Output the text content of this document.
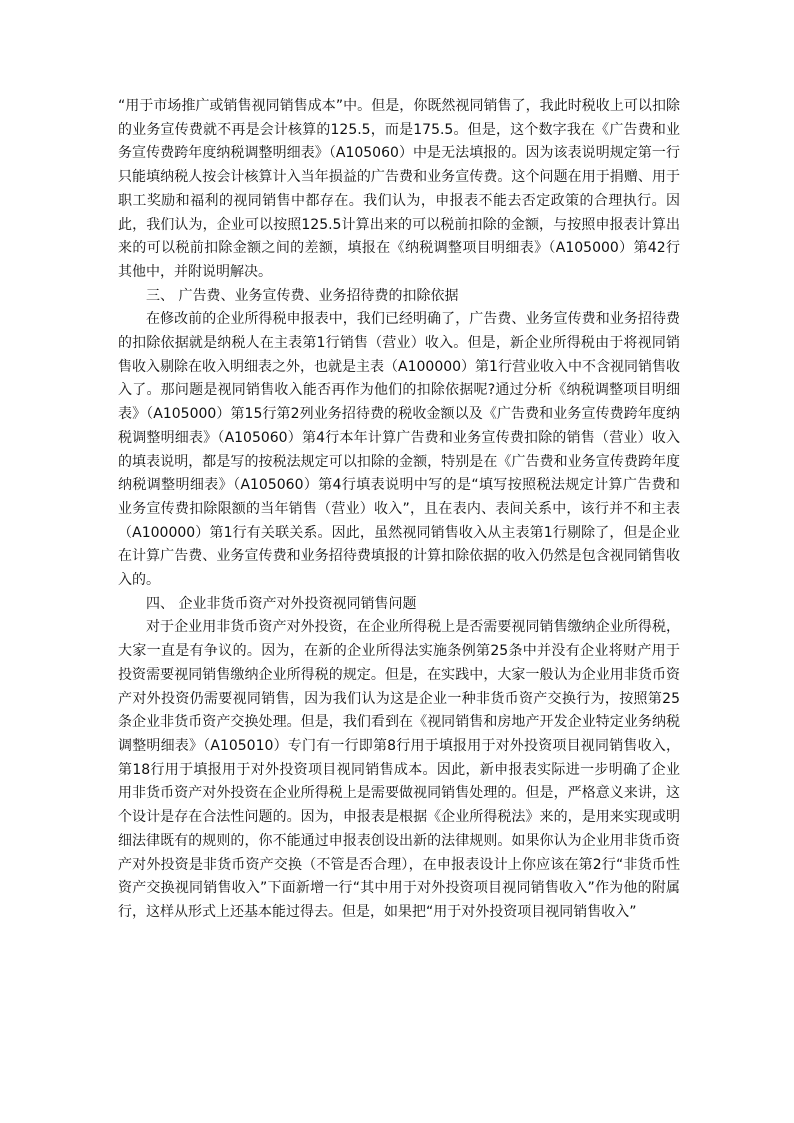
“用于市场推广或销售视同销售成本”中。但是，你既然视同销售了，我此时税收上可以扣除的业务宣传费就不再是会计核算的125.5，而是175.5。但是，这个数字我在《广告费和业务宣传费跨年度纳税调整明细表》（A105060）中是无法填报的。因为该表说明规定第一行只能填纳税人按会计核算计入当年损益的广告费和业务宣传费。这个问题在用于捐赠、用于职工奖励和福利的视同销售中都存在。我们认为，申报表不能去否定政策的合理执行。因此，我们认为，企业可以按照125.5计算出来的可以税前扣除的金额，与按照申报表计算出来的可以税前扣除金额之间的差额，填报在《纳税调整项目明细表》（A105000）第42行其他中，并附说明解决。

三、 广告费、业务宣传费、业务招待费的扣除依据

在修改前的企业所得税申报表中，我们已经明确了，广告费、业务宣传费和业务招待费的扣除依据就是纳税人在主表第1行销售（营业）收入。但是，新企业所得税由于将视同销售收入剔除在收入明细表之外，也就是主表（A100000）第1行营业收入中不含视同销售收入了。那问题是视同销售收入能否再作为他们的扣除依据呢?通过分析《纳税调整项目明细表》（A105000）第15行第2列业务招待费的税收金额以及《广告费和业务宣传费跨年度纳税调整明细表》（A105060）第4行本年计算广告费和业务宣传费扣除的销售（营业）收入的填表说明，都是写的按税法规定可以扣除的金额，特别是在《广告费和业务宣传费跨年度纳税调整明细表》（A105060）第4行填表说明中写的是“填写按照税法规定计算广告费和业务宣传费扣除限额的当年销售（营业）收入”，且在表内、表间关系中，该行并不和主表（A100000）第1行有关联关系。因此，虽然视同销售收入从主表第1行剔除了，但是企业在计算广告费、业务宣传费和业务招待费填报的计算扣除依据的收入仍然是包含视同销售收入的。

四、 企业非货币资产对外投资视同销售问题

对于企业用非货币资产对外投资，在企业所得税上是否需要视同销售缴纳企业所得税，大家一直是有争议的。因为，在新的企业所得法实施条例第25条中并没有企业将财产用于投资需要视同销售缴纳企业所得税的规定。但是，在实践中，大家一般认为企业用非货币资产对外投资仍需要视同销售，因为我们认为这是企业一种非货币资产交换行为，按照第25条企业非货币资产交换处理。但是，我们看到在《视同销售和房地产开发企业特定业务纳税调整明细表》（A105010）专门有一行即第8行用于填报用于对外投资项目视同销售收入，第18行用于填报用于对外投资项目视同销售成本。因此，新申报表实际进一步明确了企业用非货币资产对外投资在企业所得税上是需要做视同销售处理的。但是，严格意义来讲，这个设计是存在合法性问题的。因为，申报表是根据《企业所得税法》来的，是用来实现或明细法律既有的规则的，你不能通过申报表创设出新的法律规则。如果你认为企业用非货币资产对外投资是非货币资产交换（不管是否合理），在申报表设计上你应该在第2行“非货币性资产交换视同销售收入”下面新增一行“其中用于对外投资项目视同销售收入”作为他的附属行，这样从形式上还基本能过得去。但是，如果把“用于对外投资项目视同销售收入”
